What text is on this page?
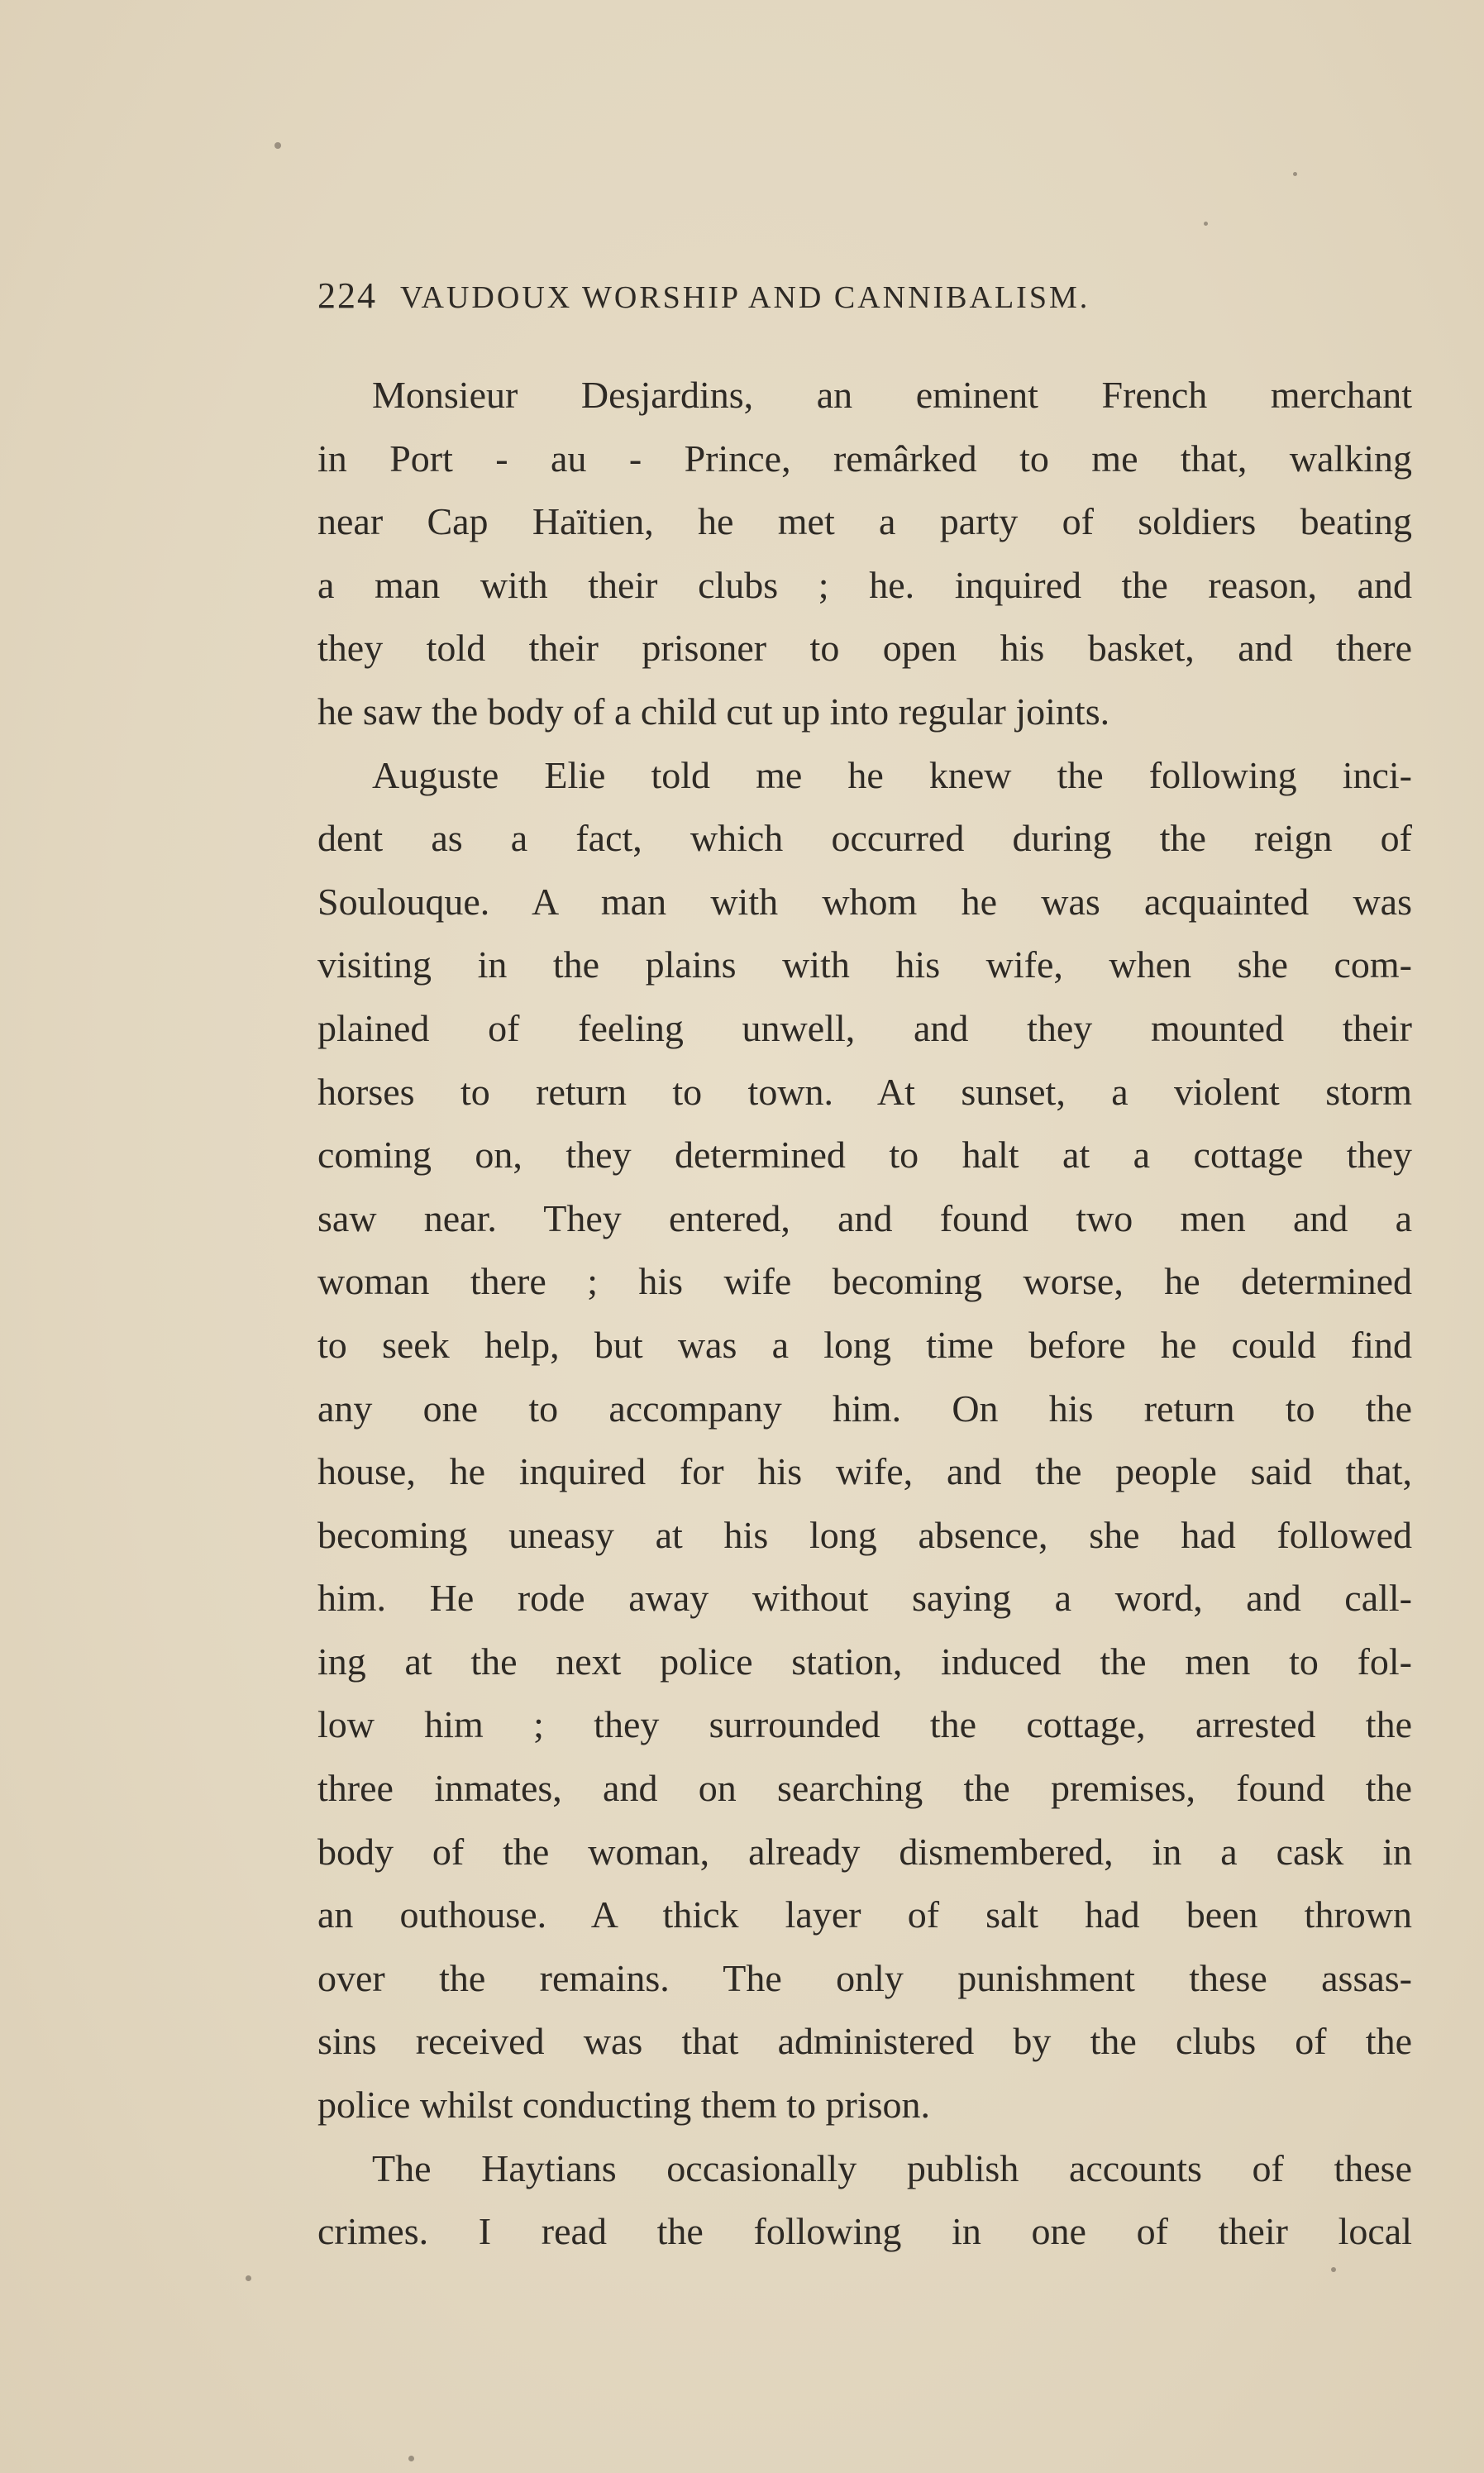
224 VAUDOUX WORSHIP AND CANNIBALISM.
Monsieur Desjardins, an eminent French merchant
in Port - au - Prince, remârked to me that, walking
near Cap Haïtien, he met a party of soldiers beating
a man with their clubs ; he. inquired the reason, and
they told their prisoner to open his basket, and there
he saw the body of a child cut up into regular joints.
Auguste Elie told me he knew the following inci-
dent as a fact, which occurred during the reign of
Soulouque. A man with whom he was acquainted was
visiting in the plains with his wife, when she com-
plained of feeling unwell, and they mounted their
horses to return to town. At sunset, a violent storm
coming on, they determined to halt at a cottage they
saw near. They entered, and found two men and a
woman there ; his wife becoming worse, he determined
to seek help, but was a long time before he could find
any one to accompany him. On his return to the
house, he inquired for his wife, and the people said that,
becoming uneasy at his long absence, she had followed
him. He rode away without saying a word, and call-
ing at the next police station, induced the men to fol-
low him ; they surrounded the cottage, arrested the
three inmates, and on searching the premises, found the
body of the woman, already dismembered, in a cask in
an outhouse. A thick layer of salt had been thrown
over the remains. The only punishment these assas-
sins received was that administered by the clubs of the
police whilst conducting them to prison.
The Haytians occasionally publish accounts of these
crimes. I read the following in one of their local
